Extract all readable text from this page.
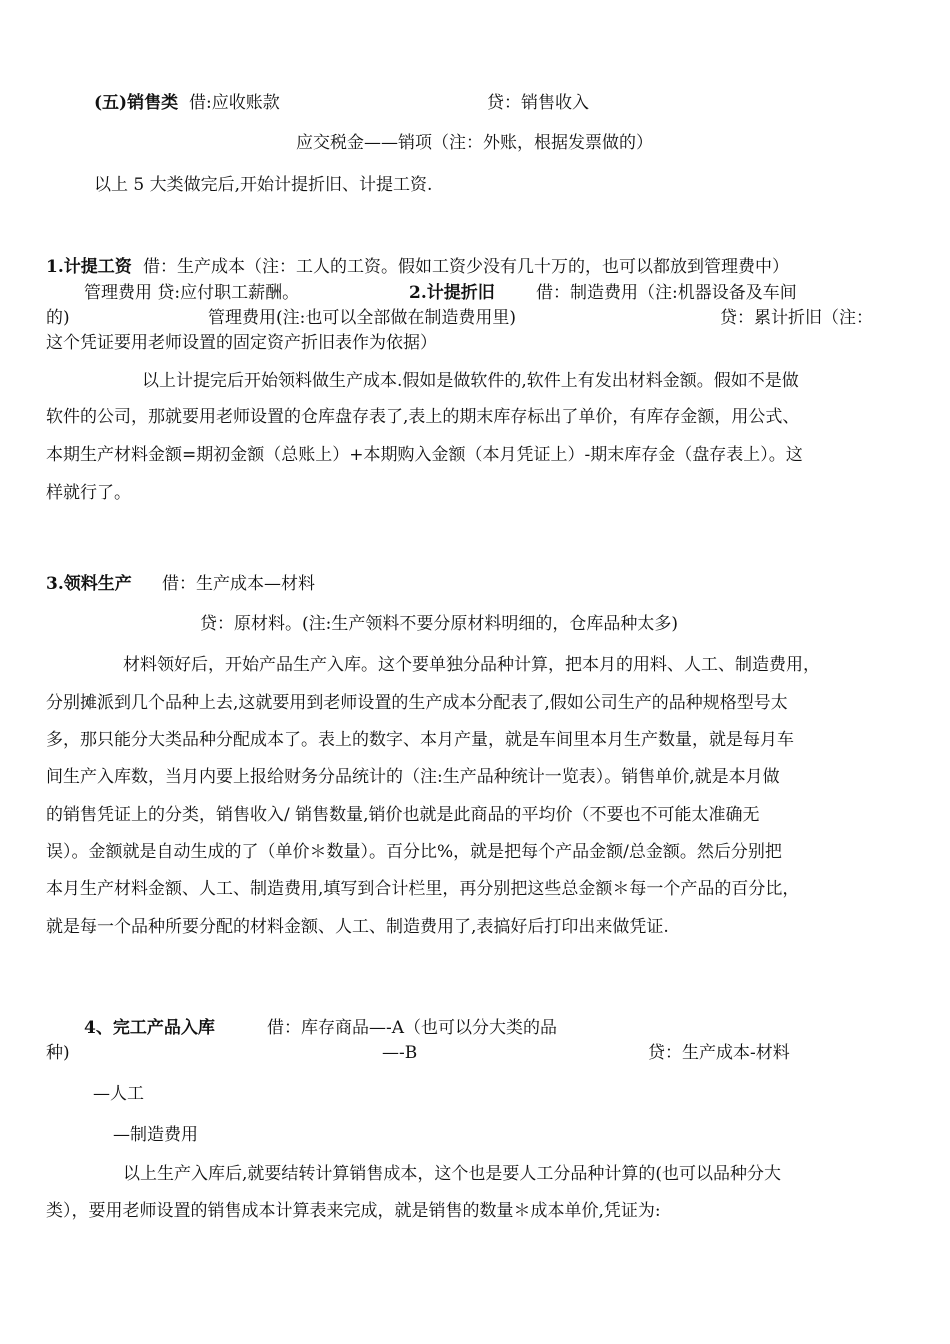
(五)销售类 借:应收账款	贷：销售收入
应交税金——销项（注：外账，根据发票做的）
以上 5 大类做完后,开始计提折旧、计提工资.
1.计提工资 借：生产成本（注：工人的工资。假如工资少没有几十万的，也可以都放到管理费中）
管理费用 贷:应付职工薪酬。	2.计提折旧 借：制造费用（注:机器设备及车间
的)	管理费用(注:也可以全部做在制造费用里)	贷：累计折旧（注：
这个凭证要用老师设置的固定资产折旧表作为依据）
以上计提完后开始领料做生产成本.假如是做软件的,软件上有发出材料金额。假如不是做
软件的公司，那就要用老师设置的仓库盘存表了,表上的期末库存标出了单价，有库存金额，用公式、
本期生产材料金额=期初金额（总账上）+本期购入金额（本月凭证上）-期末库存金（盘存表上）。这
样就行了。
3.领料生产 借：生产成本—材料
贷：原材料。(注:生产领料不要分原材料明细的，仓库品种太多)
材料领好后，开始产品生产入库。这个要单独分品种计算，把本月的用料、人工、制造费用，
分别摊派到几个品种上去,这就要用到老师设置的生产成本分配表了,假如公司生产的品种规格型号太
多，那只能分大类品种分配成本了。表上的数字、本月产量，就是车间里本月生产数量，就是每月车
间生产入库数，当月内要上报给财务分品统计的（注:生产品种统计一览表）。销售单价,就是本月做
的销售凭证上的分类，销售收入/ 销售数量,销价也就是此商品的平均价（不要也不可能太准确无
误）。金额就是自动生成的了（单价＊数量）。百分比%，就是把每个产品金额/总金额。然后分别把
本月生产材料金额、人工、制造费用,填写到合计栏里，再分别把这些总金额＊每一个产品的百分比，
就是每一个品种所要分配的材料金额、人工、制造费用了,表搞好后打印出来做凭证.
4、完工产品入库	借：库存商品—-A（也可以分大类的品
种)	—-B	贷：生产成本-材料
—人工
—制造费用
以上生产入库后,就要结转计算销售成本，这个也是要人工分品种计算的(也可以品种分大
类），要用老师设置的销售成本计算表来完成，就是销售的数量＊成本单价,凭证为:
